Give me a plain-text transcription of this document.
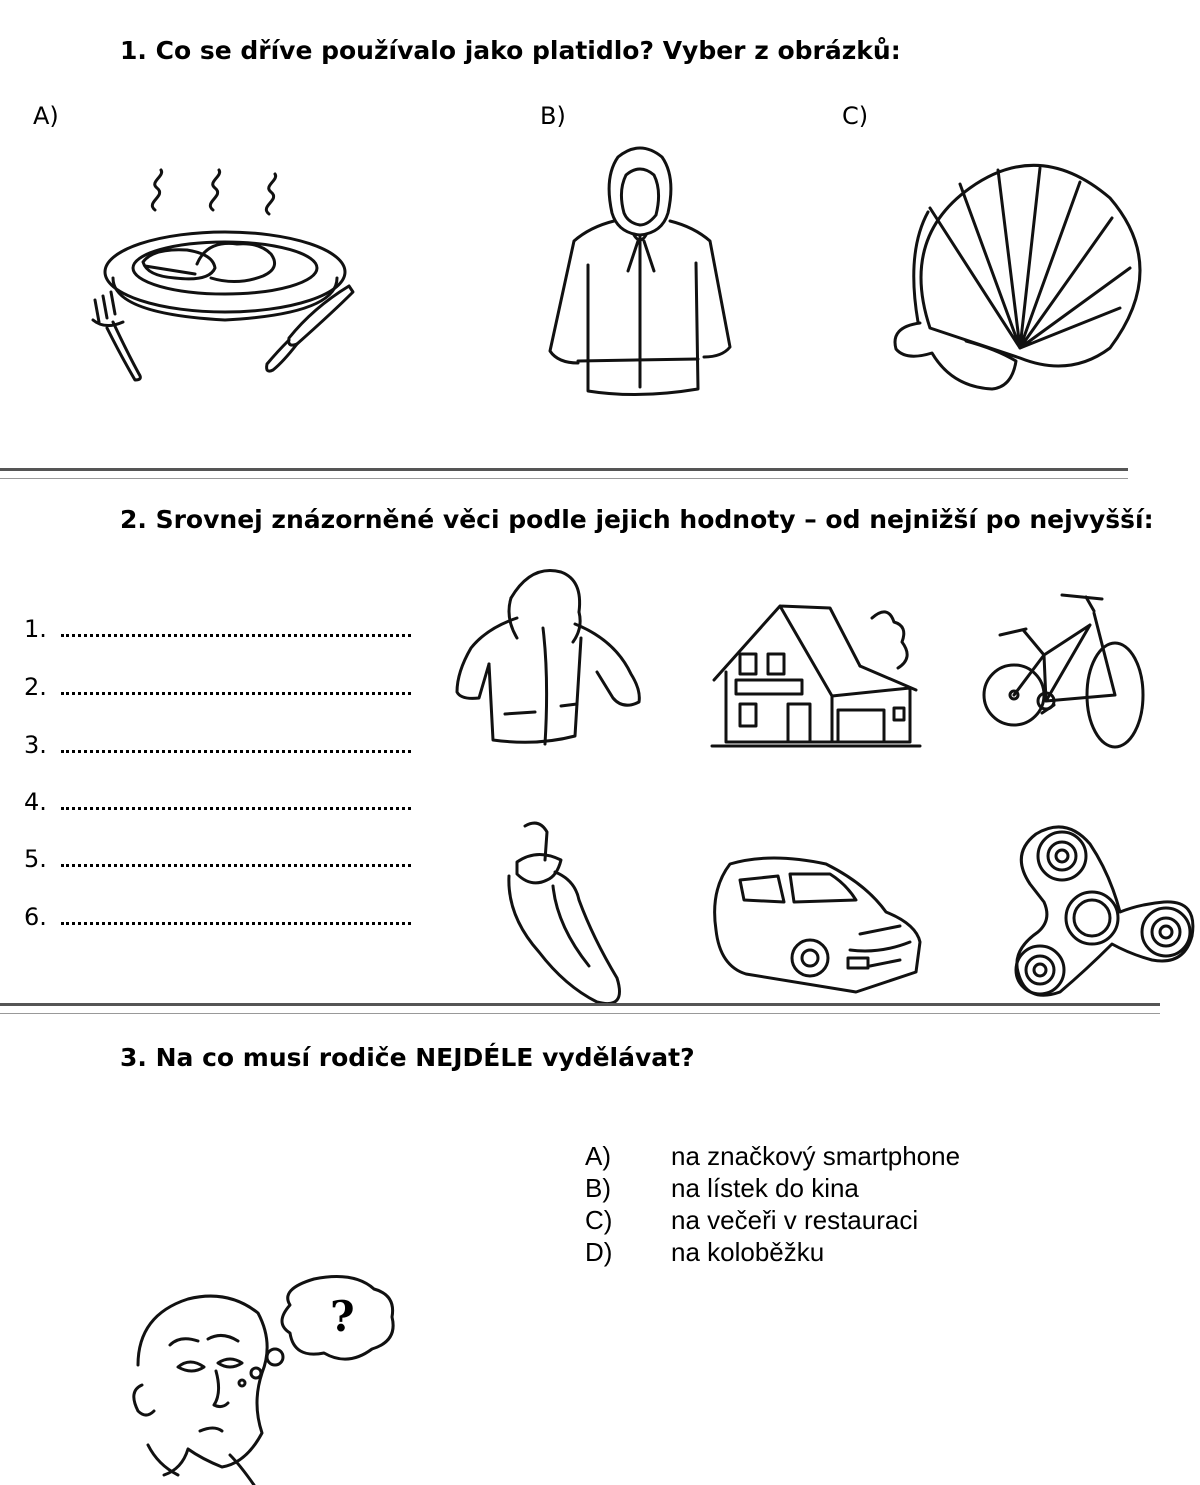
1. Co se dříve používalo jako platidlo? Vyber z obrázků:
A)	B)	C)
2. Srovnej znázorněné věci podle jejich hodnoty – od nejnižší po nejvyšší:
1.
2.
3.
4.
5.
6.
3. Na co musí rodiče NEJDÉLE vydělávat?
A) na značkový smartphone
B) na lístek do kina
C) na večeři v restauraci
D) na koloběžku
?
